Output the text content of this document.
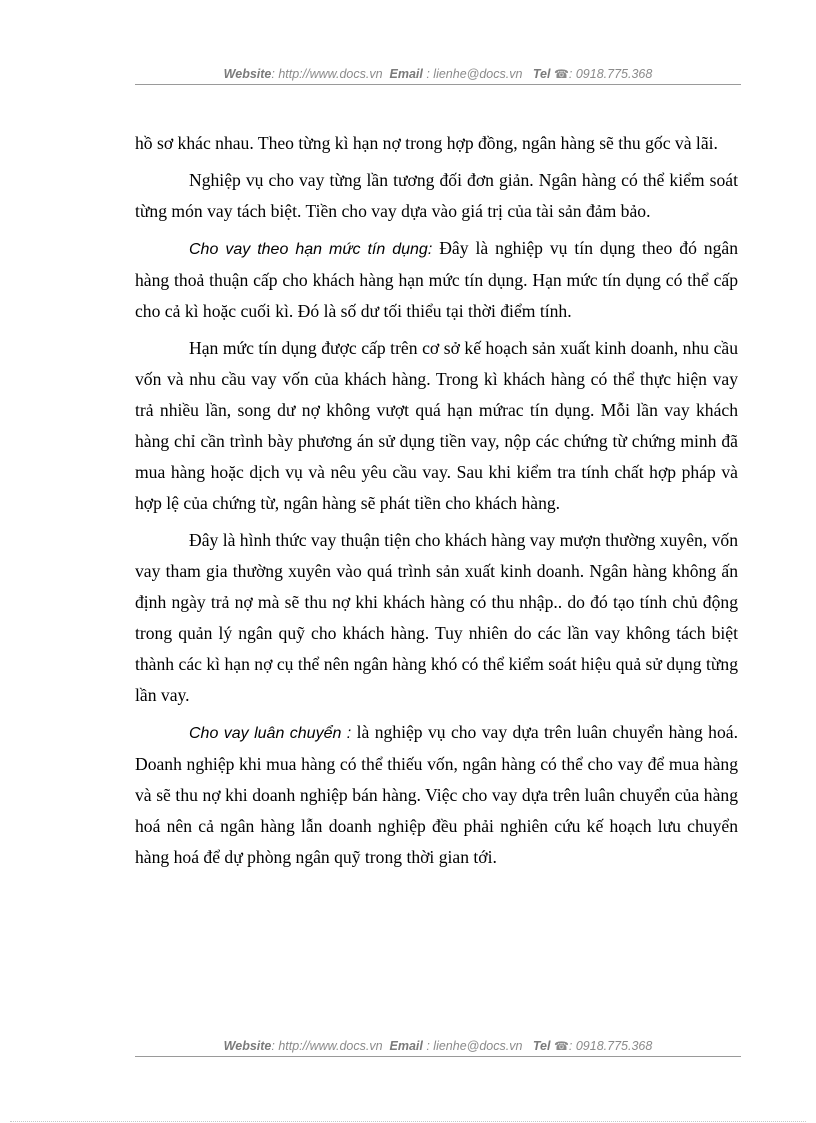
Website: http://www.docs.vn Email : lienhe@docs.vn Tel ☎: 0918.775.368

hồ sơ khác nhau. Theo từng kì hạn nợ trong hợp đồng, ngân hàng sẽ thu gốc và lãi.

Nghiệp vụ cho vay từng lần tương đối đơn giản. Ngân hàng có thể kiểm soát từng món vay tách biệt. Tiền cho vay dựa vào giá trị của tài sản đảm bảo.

Cho vay theo hạn mức tín dụng: Đây là nghiệp vụ tín dụng theo đó ngân hàng thoả thuận cấp cho khách hàng hạn mức tín dụng. Hạn mức tín dụng có thể cấp cho cả kì hoặc cuối kì. Đó là số dư tối thiểu tại thời điểm tính.

Hạn mức tín dụng được cấp trên cơ sở kế hoạch sản xuất kinh doanh, nhu cầu vốn và nhu cầu vay vốn của khách hàng. Trong kì khách hàng có thể thực hiện vay trả nhiều lần, song dư nợ không vượt quá hạn mứrac tín dụng. Mỗi lần vay khách hàng chỉ cần trình bày phương án sử dụng tiền vay, nộp các chứng từ chứng minh đã mua hàng hoặc dịch vụ và nêu yêu cầu vay. Sau khi kiểm tra tính chất hợp pháp và hợp lệ của chứng từ, ngân hàng sẽ phát tiền cho khách hàng.

Đây là hình thức vay thuận tiện cho khách hàng vay mượn thường xuyên, vốn vay tham gia thường xuyên vào quá trình sản xuất kinh doanh. Ngân hàng không ấn định ngày trả nợ mà sẽ thu nợ khi khách hàng có thu nhập.. do đó tạo tính chủ động trong quản lý ngân quỹ cho khách hàng. Tuy nhiên do các lần vay không tách biệt thành các kì hạn nợ cụ thể nên ngân hàng khó có thể kiểm soát hiệu quả sử dụng từng lần vay.

Cho vay luân chuyển : là nghiệp vụ cho vay dựa trên luân chuyển hàng hoá. Doanh nghiệp khi mua hàng có thể thiếu vốn, ngân hàng có thể cho vay để mua hàng và sẽ thu nợ khi doanh nghiệp bán hàng. Việc cho vay dựa trên luân chuyển của hàng hoá nên cả ngân hàng lẫn doanh nghiệp đều phải nghiên cứu kế hoạch lưu chuyển hàng hoá để dự phòng ngân quỹ trong thời gian tới.

Website: http://www.docs.vn Email : lienhe@docs.vn Tel ☎: 0918.775.368
